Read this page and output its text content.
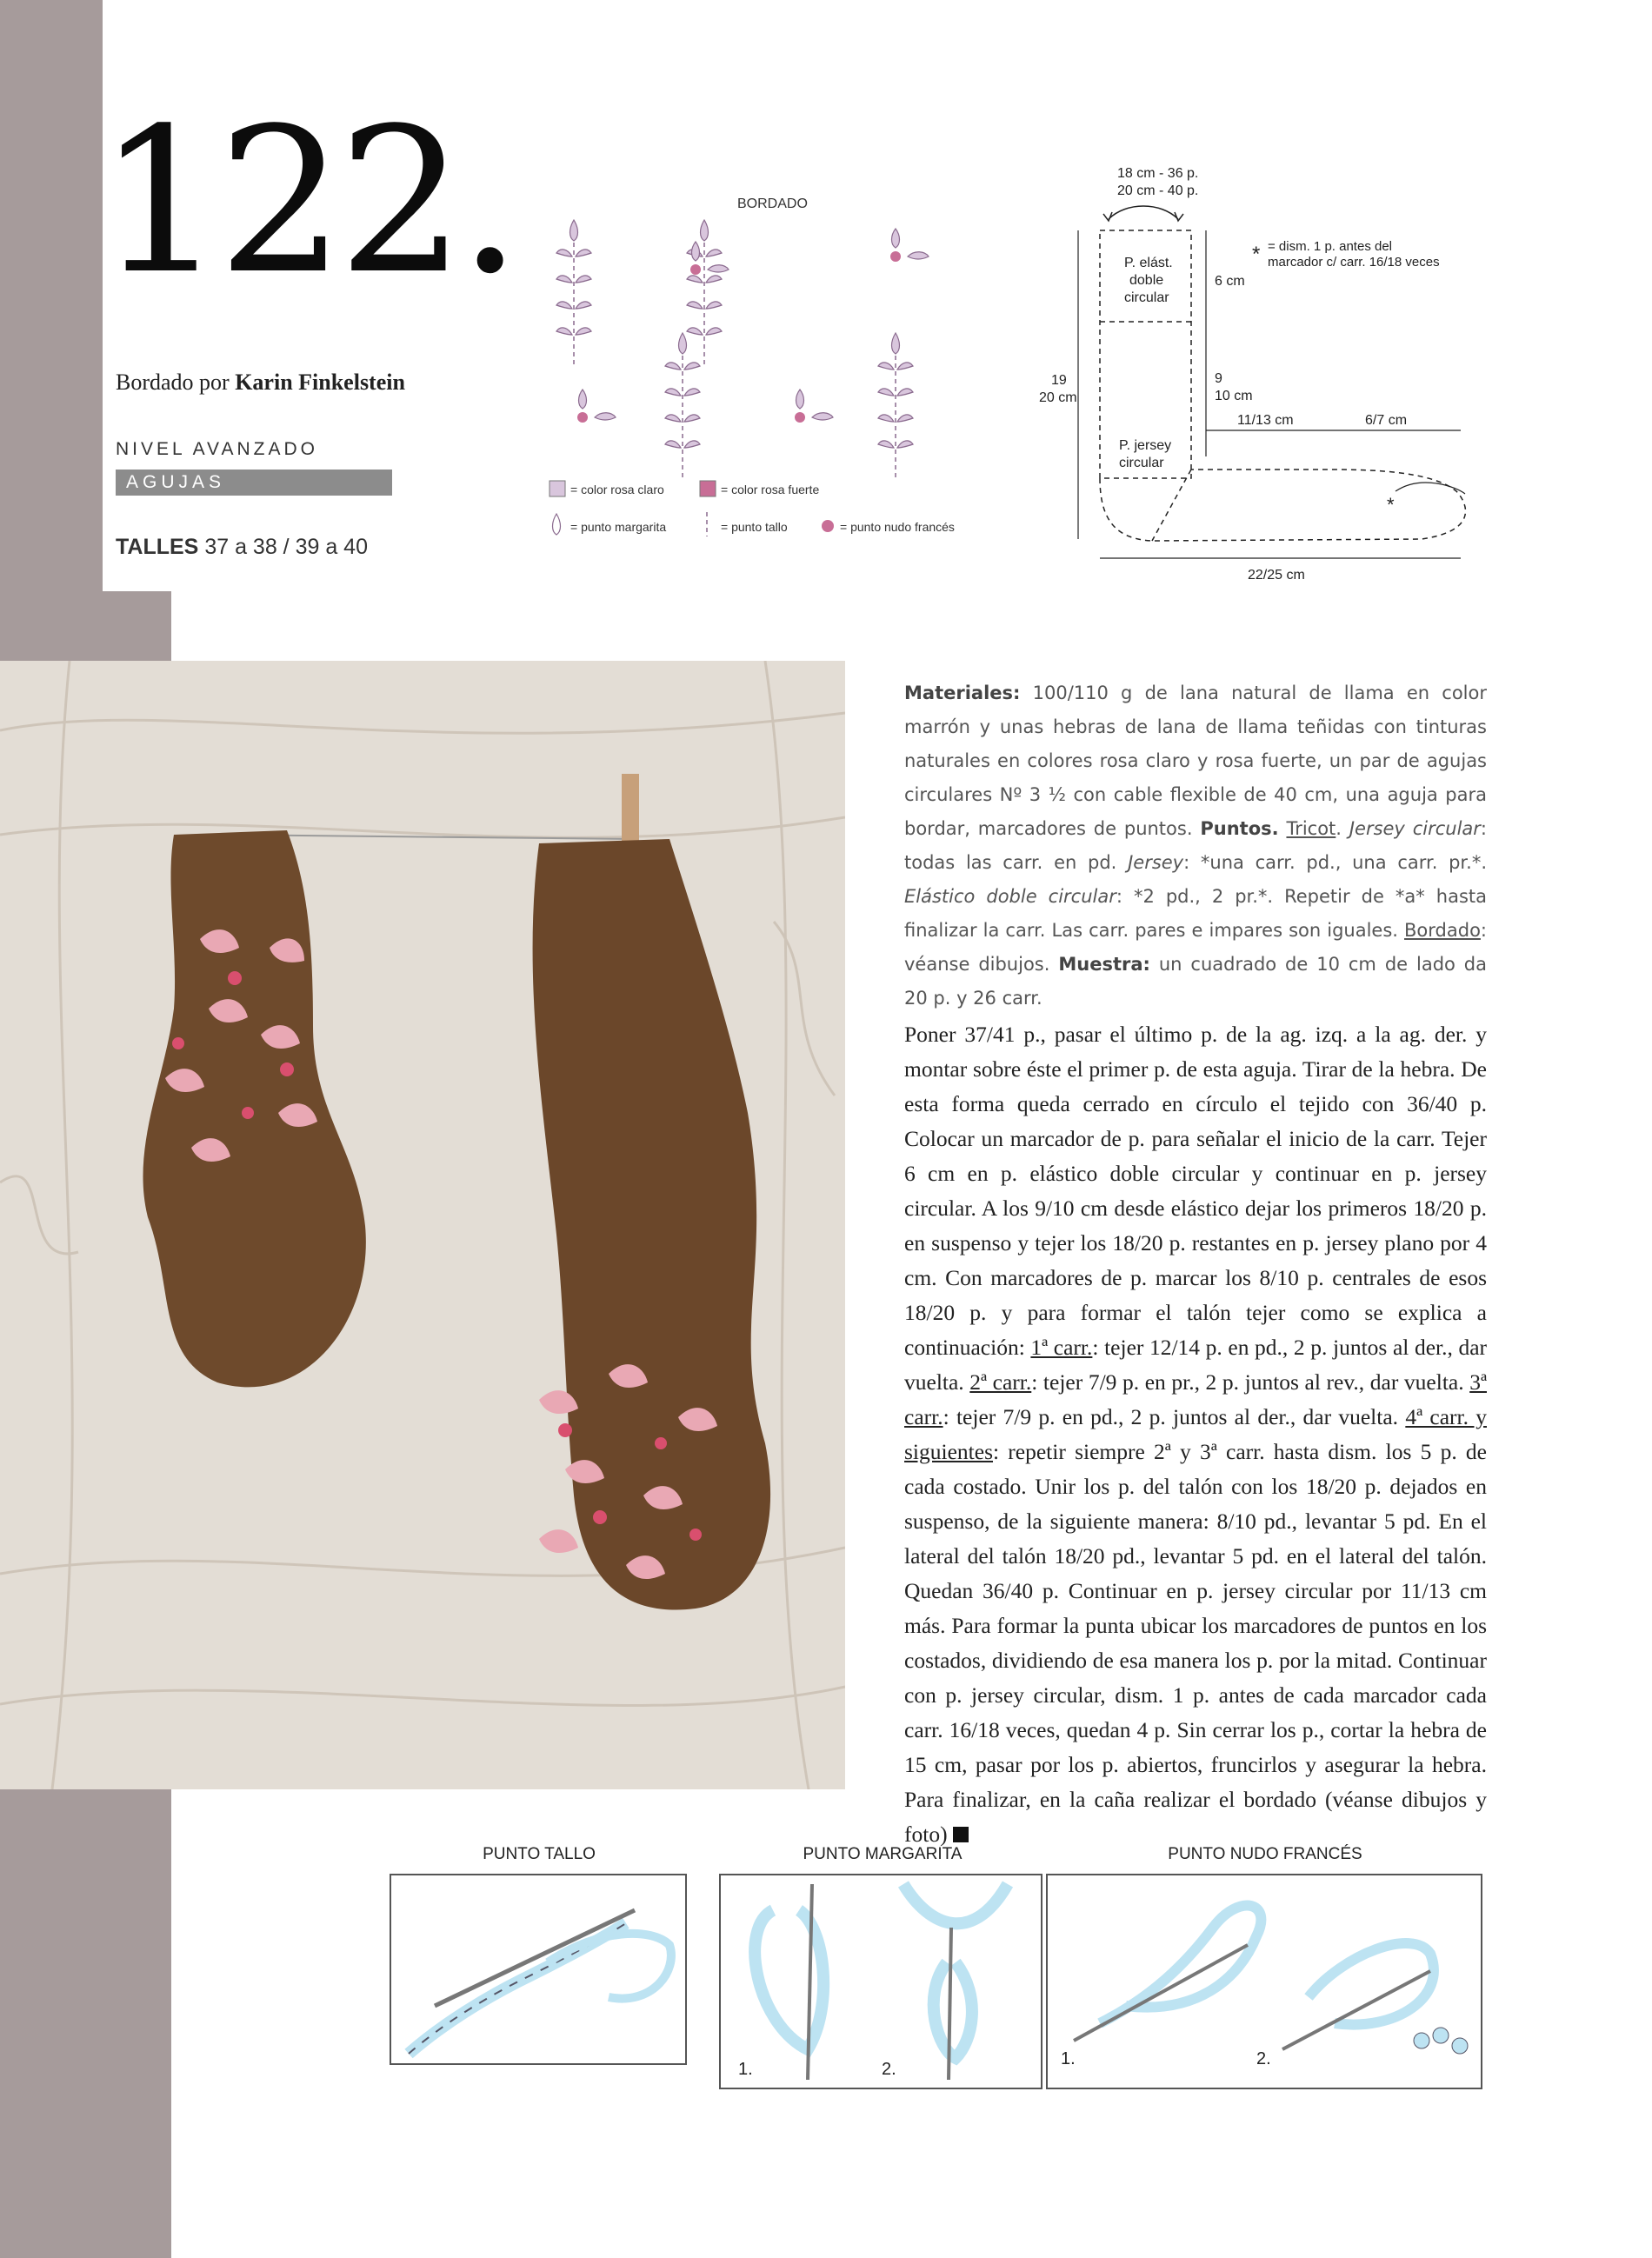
122.
Bordado por Karin Finkelstein
NIVEL AVANZADO
AGUJAS CIRCULARES
TALLES 37 a 38 / 39 a 40
BORDADO
= color rosa claro	= color rosa fuerte
= punto margarita	= punto tallo	= punto nudo francés
18 cm - 36 p.
20 cm - 40 p.
P. elást.
doble
circular
P. jersey
circular
19
20 cm
6 cm
9
10 cm
11/13 cm	6/7 cm
22/25 cm
*
* = dism. 1 p. antes del
marcador c/ carr. 16/18 veces
Materiales: 100/110 g de lana natural de llama en color marrón y unas hebras de lana de llama teñidas con tinturas naturales en colores rosa claro y rosa fuerte, un par de agujas circulares Nº 3 ½ con cable flexible de 40 cm, una aguja para bordar, marcadores de puntos. Puntos. Tricot. Jersey circular: todas las carr. en pd. Jersey: *una carr. pd., una carr. pr.*. Elástico doble circular: *2 pd., 2 pr.*. Repetir de *a* hasta finalizar la carr. Las carr. pares e impares son iguales. Bordado: véanse dibujos. Muestra: un cuadrado de 10 cm de lado da 20 p. y 26 carr.
Poner 37/41 p., pasar el último p. de la ag. izq. a la ag. der. y montar sobre éste el primer p. de esta aguja. Tirar de la hebra. De esta forma queda cerrado en círculo el tejido con 36/40 p. Colocar un marcador de p. para señalar el inicio de la carr. Tejer 6 cm en p. elástico doble circular y continuar en p. jersey circular. A los 9/10 cm desde elástico dejar los primeros 18/20 p. en suspenso y tejer los 18/20 p. restantes en p. jersey plano por 4 cm. Con marcadores de p. marcar los 8/10 p. centrales de esos 18/20 p. y para formar el talón tejer como se explica a continuación: 1ª carr.: tejer 12/14 p. en pd., 2 p. juntos al der., dar vuelta. 2ª carr.: tejer 7/9 p. en pr., 2 p. juntos al rev., dar vuelta. 3ª carr.: tejer 7/9 p. en pd., 2 p. juntos al der., dar vuelta. 4ª carr. y siguientes: repetir siempre 2ª y 3ª carr. hasta dism. los 5 p. de cada costado. Unir los p. del talón con los 18/20 p. dejados en suspenso, de la siguiente manera: 8/10 pd., levantar 5 pd. En el lateral del talón 18/20 pd., levantar 5 pd. en el lateral del talón. Quedan 36/40 p. Continuar en p. jersey circular por 11/13 cm más. Para formar la punta ubicar los marcadores de puntos en los costados, dividiendo de esa manera los p. por la mitad. Continuar con p. jersey circular, dism. 1 p. antes de cada marcador cada carr. 16/18 veces, quedan 4 p. Sin cerrar los p., cortar la hebra de 15 cm, pasar por los p. abiertos, fruncirlos y asegurar la hebra. Para finalizar, en la caña realizar el bordado (véanse dibujos y foto)
PUNTO TALLO	PUNTO MARGARITA	PUNTO NUDO FRANCÉS
1.	2.
1.	2.
